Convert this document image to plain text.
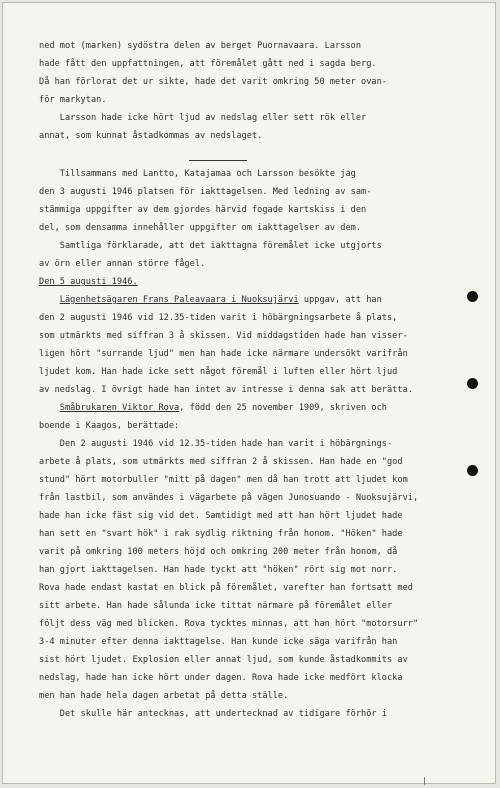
ned mot (marken) sydöstra delen av berget Puornavaara. Larsson
hade fått den uppfattningen, att föremålet gått ned i sagda berg.
Då han förlorat det ur sikte, hade det varit omkring 50 meter ovan-
för markytan.
Larsson hade icke hört ljud av nedslag eller sett rök eller
annat, som kunnat åstadkommas av nedslaget.
Tillsammans med Lantto, Katajamaa och Larsson besökte jag
den 3 augusti 1946 platsen för iakttagelsen. Med ledning av sam-
stämmiga uppgifter av dem gjordes härvid fogade kartskiss i den
del, som densamma innehåller uppgifter om iakttagelser av dem.
Samtliga förklarade, att det iakttagna föremålet icke utgjorts
av örn eller annan större fågel.
Den 5 augusti 1946.
Lägenhetsägaren Frans Paleavaara i Nuoksujärvi uppgav, att han
den 2 augusti 1946 vid 12.35-tiden varit i höbärgningsarbete å plats,
som utmärkts med siffran 3 å skissen. Vid middagstiden hade han visser-
ligen hört "surrande ljud" men han hade icke närmare undersökt varifrån
ljudet kom. Han hade icke sett något föremål i luften eller hört ljud
av nedslag. I övrigt hade han intet av intresse i denna sak att berätta.
Småbrukaren Viktor Rova, född den 25 november 1909, skriven och
boende i Kaagos, berättade:
Den 2 augusti 1946 vid 12.35-tiden hade han varit i höbärgnings-
arbete å plats, som utmärkts med siffran 2 å skissen. Han hade en "god
stund" hört motorbuller "mitt på dagen" men då han trott att ljudet kom
från lastbil, som användes i vägarbete på vägen Junosuando - Nuoksujärvi,
hade han icke fäst sig vid det. Samtidigt med att han hört ljudet hade
han sett en "svart hök" i rak sydlig riktning från honom. "Höken" hade
varit på omkring 100 meters höjd och omkring 200 meter från honom, då
han gjort iakttagelsen. Han hade tyckt att "höken" rört sig mot norr.
Rova hade endast kastat en blick på föremålet, varefter han fortsatt med
sitt arbete. Han hade sålunda icke tittat närmare på föremålet eller
följt dess väg med blicken. Rova tycktes minnas, att han hört "motorsurr"
3-4 minuter efter denna iakttagelse. Han kunde icke säga varifrån han
sist hört ljudet. Explosion eller annat ljud, som kunde åstadkommits av
nedslag, hade han icke hört under dagen. Rova hade icke medfört klocka
men han hade hela dagen arbetat på detta ställe.
Det skulle här antecknas, att undertecknad av tidigare förhör i
